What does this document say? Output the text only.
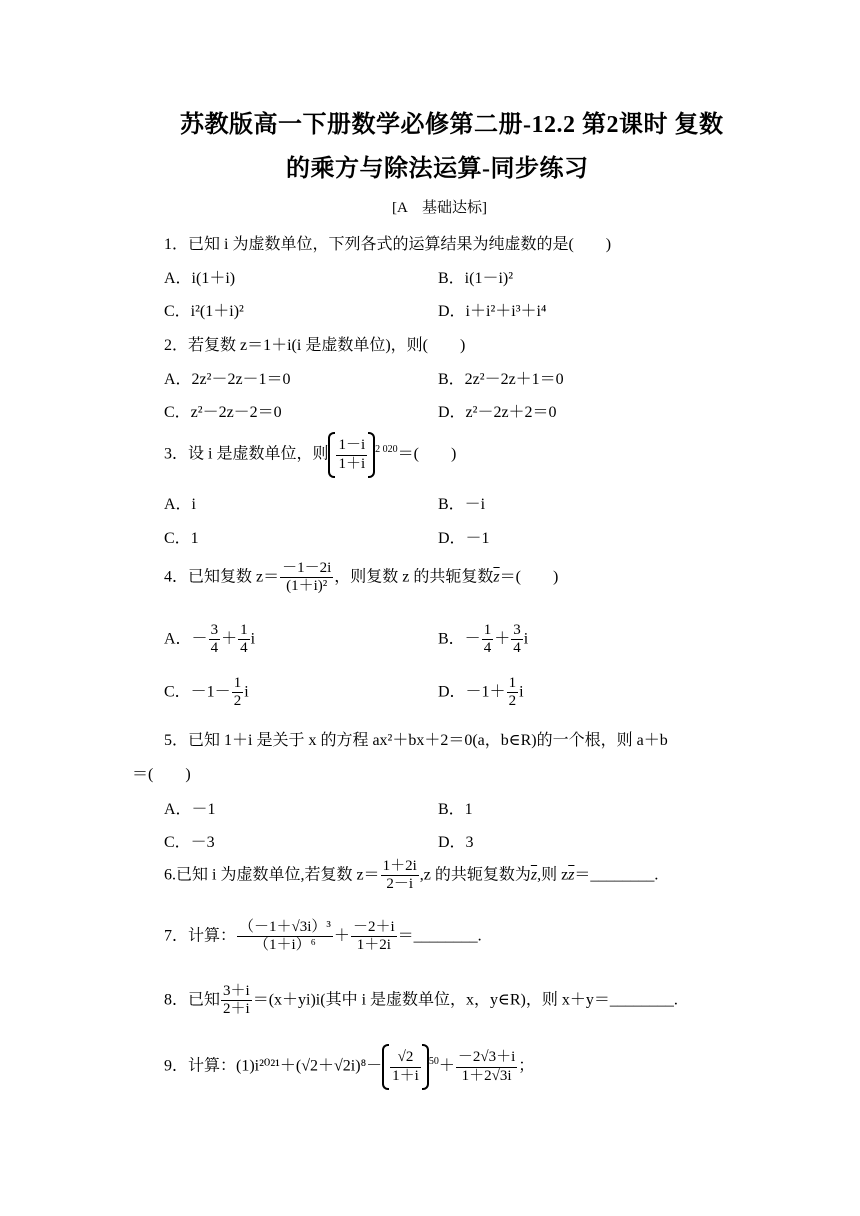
苏教版高一下册数学必修第二册-12.2 第2课时 复数
的乘方与除法运算-同步练习
[A　基础达标]
1．已知 i 为虚数单位，下列各式的运算结果为纯虚数的是(　　)
A．i(1＋i)	B．i(1－i)²
C．i²(1＋i)²	D．i＋i²＋i³＋i⁴
2．若复数 z＝1＋i(i 是虚数单位)，则(　　)
A．2z²－2z－1＝0	B．2z²－2z＋1＝0
C．z²－2z－2＝0	D．z²－2z＋2＝0
3．设 i 是虚数单位，则 $\frac{1-i}{1+i} ^{2 020}=$(　　)
A．i	B．－i
C．1	D．－1
4．已知复数 $z= \frac{-1-2i}{\text{(1＋i)²}}$ ，则复数 z 的共轭复数$\overline{z}=$(　　)
A．－ $\frac{3}{4} + \frac{1}{4}$ i	B．－ $\frac{1}{4} + \frac{3}{4}$ i
C．$-1- \frac{1}{2}$ i	D．$-1+ \frac{1}{2}$ i
5．已知 1＋i 是关于 x 的方程 ax²＋bx＋2＝0(a，b∈R)的一个根，则 a＋b
＝(　　)
A．－1	B．1
C．－3	D．3
6.已知 i 为虚数单位,若复数 $z= \frac{1+2i}{2-i} ,z$ 的共轭复数为$\overline{z}$,则 $z\overline{z}=\_\_\_\_\_\_\_\_$.
7．计算： $\frac{\text{（－1＋√3i）³}}{\text{（1＋i）⁶}} + \frac{-2+i}{1+2i}$ ＝________.
8．已知 $\frac{3+i}{2+i} =(x+yi)i$(其中 i 是虚数单位，x，y∈R)，则 x＋y＝________.
9．计算：$(1)i^{2021}+(√2+√2i)^8- \frac{√2}{1+i} ^{50}+ \frac{-2√3+i}{1+2√3i}$ ；
